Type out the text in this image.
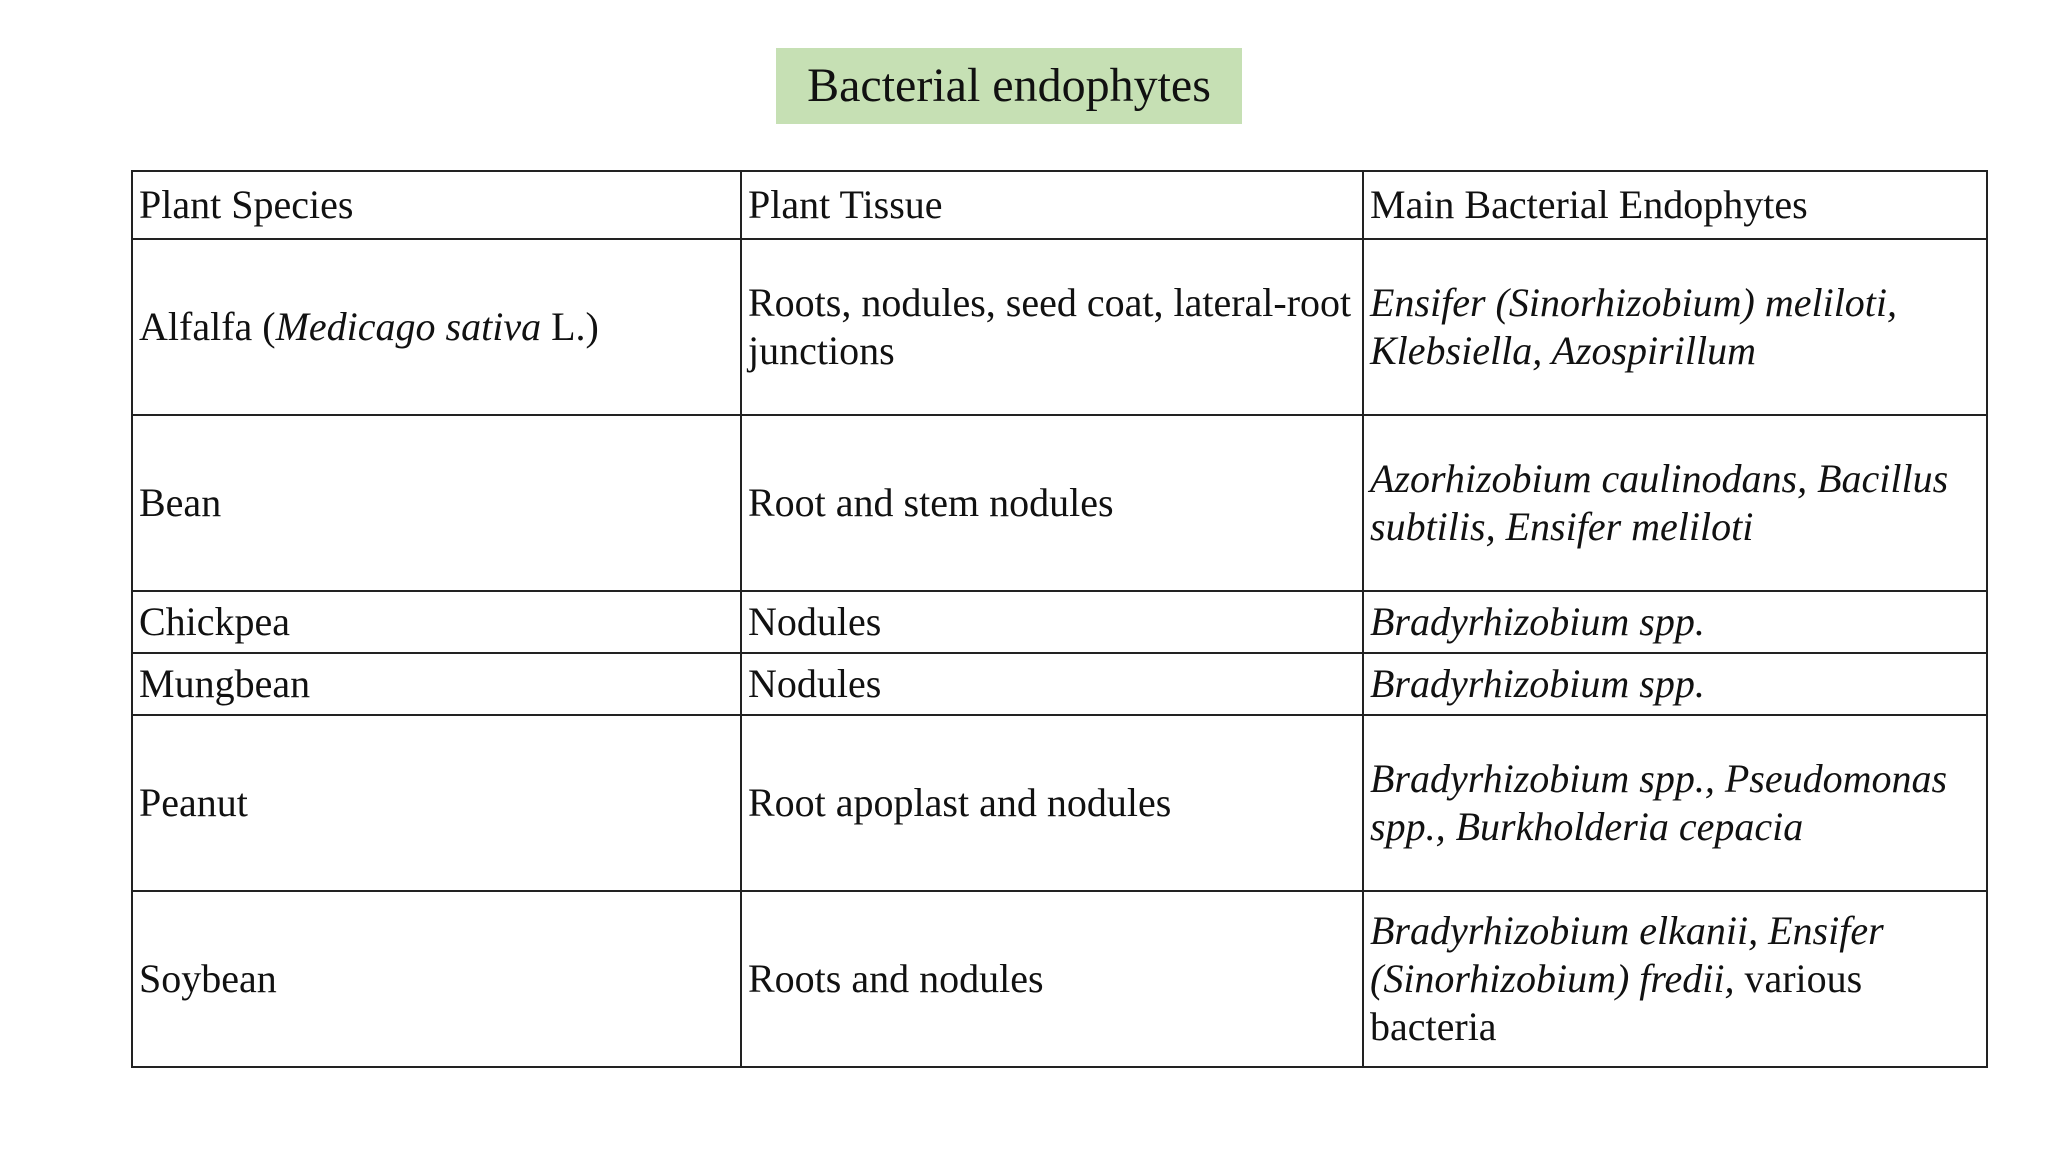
Bacterial endophytes
Plant Species	Plant Tissue	Main Bacterial Endophytes
Alfalfa (Medicago sativa L.)	Roots, nodules, seed coat, lateral-root junctions	Ensifer (Sinorhizobium) meliloti, Klebsiella, Azospirillum
Bean	Root and stem nodules	Azorhizobium caulinodans, Bacillus subtilis, Ensifer meliloti
Chickpea	Nodules	Bradyrhizobium spp.
Mungbean	Nodules	Bradyrhizobium spp.
Peanut	Root apoplast and nodules	Bradyrhizobium spp., Pseudomonas spp., Burkholderia cepacia
Soybean	Roots and nodules	Bradyrhizobium elkanii, Ensifer (Sinorhizobium) fredii, various bacteria
